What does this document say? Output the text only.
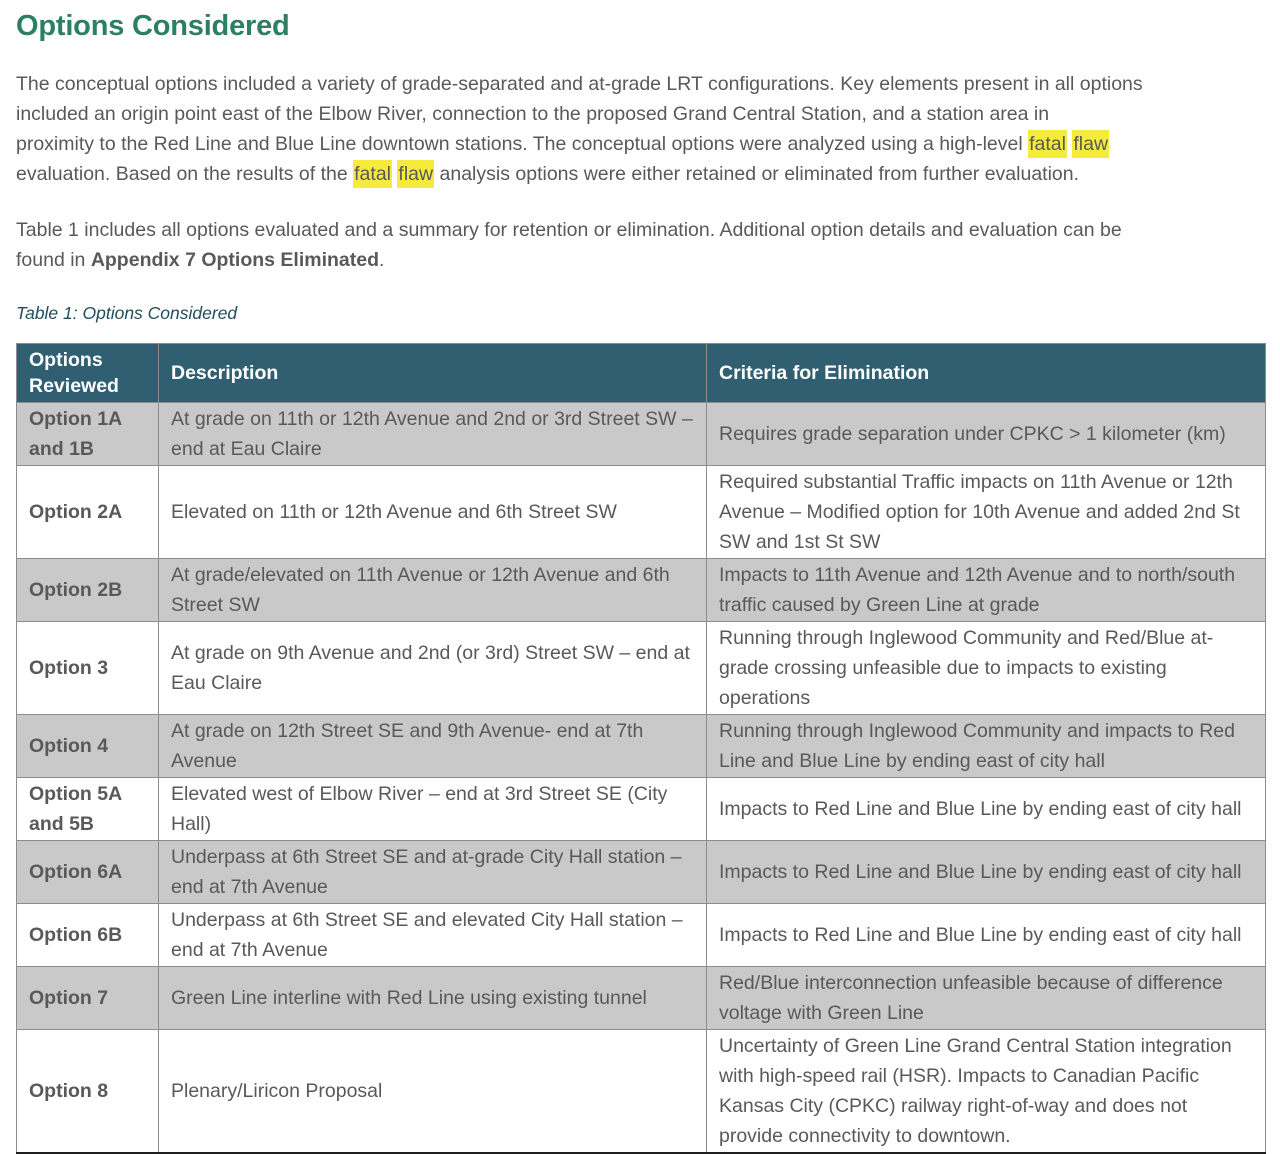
Options Considered
The conceptual options included a variety of grade-separated and at-grade LRT configurations. Key elements present in all options
included an origin point east of the Elbow River, connection to the proposed Grand Central Station, and a station area in
proximity to the Red Line and Blue Line downtown stations. The conceptual options were analyzed using a high-level fatal flaw
evaluation. Based on the results of the fatal flaw analysis options were either retained or eliminated from further evaluation.
Table 1 includes all options evaluated and a summary for retention or elimination. Additional option details and evaluation can be
found in Appendix 7 Options Eliminated.
Table 1: Options Considered
Options Reviewed	Description	Criteria for Elimination
Option 1A and 1B	At grade on 11th or 12th Avenue and 2nd or 3rd Street SW – end at Eau Claire	Requires grade separation under CPKC > 1 kilometer (km)
Option 2A	Elevated on 11th or 12th Avenue and 6th Street SW	Required substantial Traffic impacts on 11th Avenue or 12th Avenue – Modified option for 10th Avenue and added 2nd St SW and 1st St SW
Option 2B	At grade/elevated on 11th Avenue or 12th Avenue and 6th Street SW	Impacts to 11th Avenue and 12th Avenue and to north/south traffic caused by Green Line at grade
Option 3	At grade on 9th Avenue and 2nd (or 3rd) Street SW – end at Eau Claire	Running through Inglewood Community and Red/Blue at-grade crossing unfeasible due to impacts to existing operations
Option 4	At grade on 12th Street SE and 9th Avenue- end at 7th Avenue	Running through Inglewood Community and impacts to Red Line and Blue Line by ending east of city hall
Option 5A and 5B	Elevated west of Elbow River – end at 3rd Street SE (City Hall)	Impacts to Red Line and Blue Line by ending east of city hall
Option 6A	Underpass at 6th Street SE and at-grade City Hall station – end at 7th Avenue	Impacts to Red Line and Blue Line by ending east of city hall
Option 6B	Underpass at 6th Street SE and elevated City Hall station – end at 7th Avenue	Impacts to Red Line and Blue Line by ending east of city hall
Option 7	Green Line interline with Red Line using existing tunnel	Red/Blue interconnection unfeasible because of difference voltage with Green Line
Option 8	Plenary/Liricon Proposal	Uncertainty of Green Line Grand Central Station integration with high-speed rail (HSR). Impacts to Canadian Pacific Kansas City (CPKC) railway right-of-way and does not provide connectivity to downtown.
